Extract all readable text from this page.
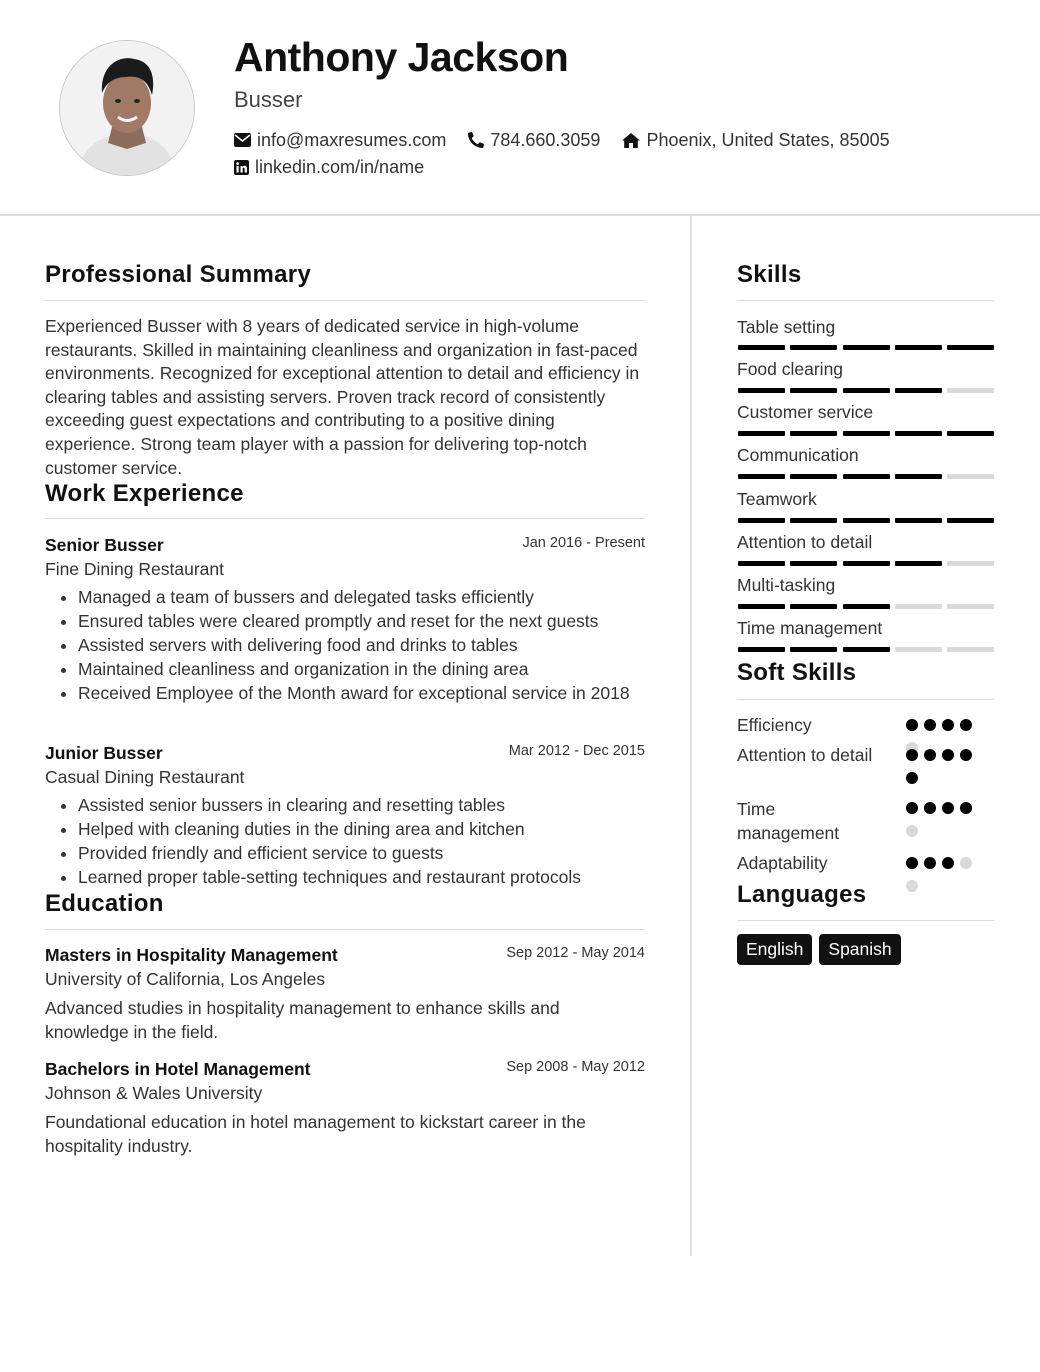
Anthony Jackson
Busser
info@maxresumes.com 784.660.3059	Phoenix, United States, 85005
linkedin.com/in/name
Professional Summary

Experienced Busser with 8 years of dedicated service in high-volume restaurants. Skilled in maintaining cleanliness and organization in fast-paced environments. Recognized for exceptional attention to detail and efficiency in clearing tables and assisting servers. Proven track record of consistently exceeding guest expectations and contributing to a positive dining experience. Strong team player with a passion for delivering top-notch customer service.

Work Experience
Senior Busser	Jan 2016 - Present
Fine Dining Restaurant
• Managed a team of bussers and delegated tasks efficiently
• Ensured tables were cleared promptly and reset for the next guests
• Assisted servers with delivering food and drinks to tables
• Maintained cleanliness and organization in the dining area
• Received Employee of the Month award for exceptional service in 2018
Junior Busser	Mar 2012 - Dec 2015
Casual Dining Restaurant
• Assisted senior bussers in clearing and resetting tables
• Helped with cleaning duties in the dining area and kitchen
• Provided friendly and efficient service to guests
• Learned proper table-setting techniques and restaurant protocols
Education
Masters in Hospitality Management	Sep 2012 - May 2014
University of California, Los Angeles
Advanced studies in hospitality management to enhance skills and knowledge in the field.
Bachelors in Hotel Management	Sep 2008 - May 2012
Johnson & Wales University
Foundational education in hotel management to kickstart career in the hospitality industry.
Skills
Table setting
Food clearing
Customer service
Communication
Teamwork
Attention to detail
Multi-tasking
Time management
Soft Skills
Efficiency
Attention to detail
Time management
Adaptability
Languages
English	Spanish
